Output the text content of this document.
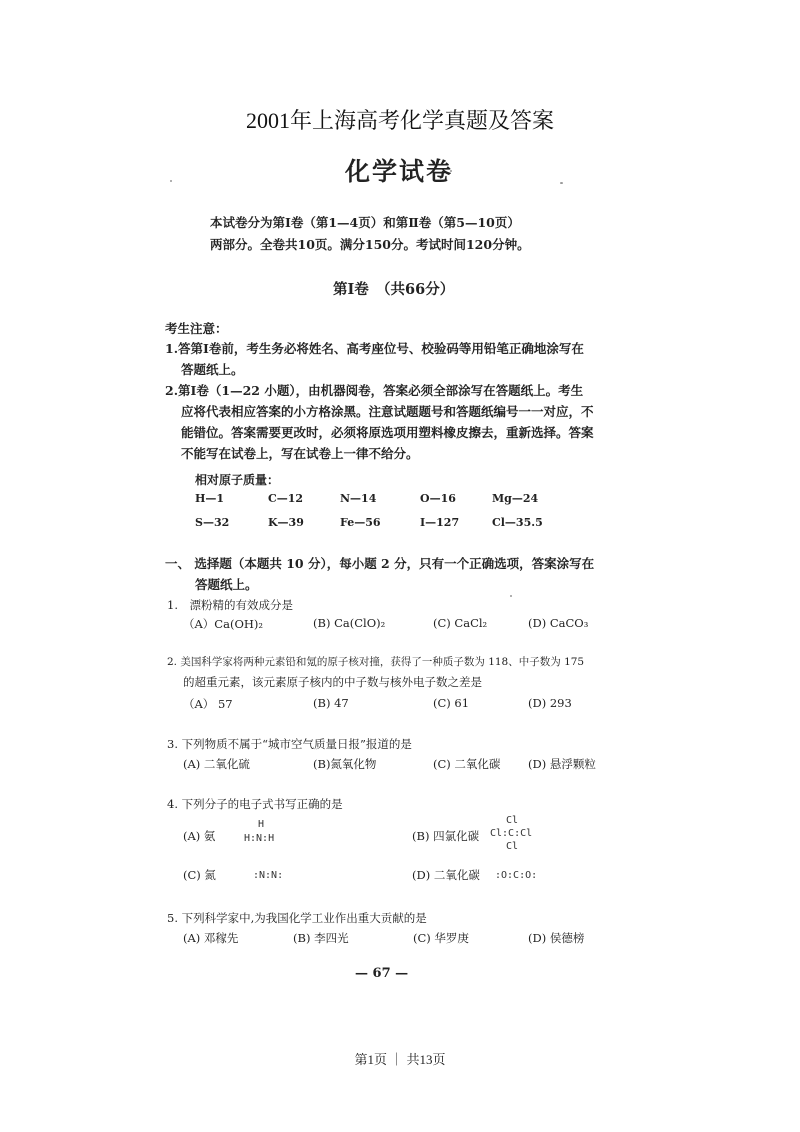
2001年上海高考化学真题及答案
化学试卷
本试卷分为第Ⅰ卷（第1—4页）和第Ⅱ卷（第5—10页）
两部分。全卷共10页。满分150分。考试时间120分钟。
第Ⅰ卷　（共66分）
考生注意：
1.答第Ⅰ卷前，考生务必将姓名、高考座位号、校验码等用铅笔正确地涂写在
答题纸上。
2.第Ⅰ卷（1—22 小题），由机器阅卷，答案必须全部涂写在答题纸上。考生
应将代表相应答案的小方格涂黑。注意试题题号和答题纸编号一一对应，不
能错位。答案需要更改时，必须将原选项用塑料橡皮擦去，重新选择。答案
不能写在试卷上，写在试卷上一律不给分。
相对原子质量：
H—1	C—12	N—14	O—16	Mg—24
S—32	K—39	Fe—56	I—127	Cl—35.5
一、 选择题（本题共 10 分），每小题 2 分，只有一个正确选项，答案涂写在
答题纸上。
1.　漂粉精的有效成分是
（A）Ca(OH)₂	(B) Ca(ClO)₂	(C) CaCl₂	(D) CaCO₃
2. 美国科学家将两种元素铅和氪的原子核对撞，获得了一种质子数为 118、中子数为 175
的超重元素，该元素原子核内的中子数与核外电子数之差是
（A） 57	(B) 47	(C) 61	(D) 293
3. 下列物质不属于“城市空气质量日报”报道的是
(A) 二氧化硫	(B)氮氧化物	(C) 二氧化碳 (D) 悬浮颗粒
4. 下列分子的电子式书写正确的是
(A) 氨
H
H:N:H	(B) 四氯化碳
Cl
Cl:C:Cl
Cl
(C) 氮	:N:N:	(D) 二氧化碳 :O:C:O:
5. 下列科学家中,为我国化学工业作出重大贡献的是
(A) 邓稼先	(B) 李四光	(C) 华罗庚	(D) 侯德榜
— 67 —
第1页 ｜ 共13页
